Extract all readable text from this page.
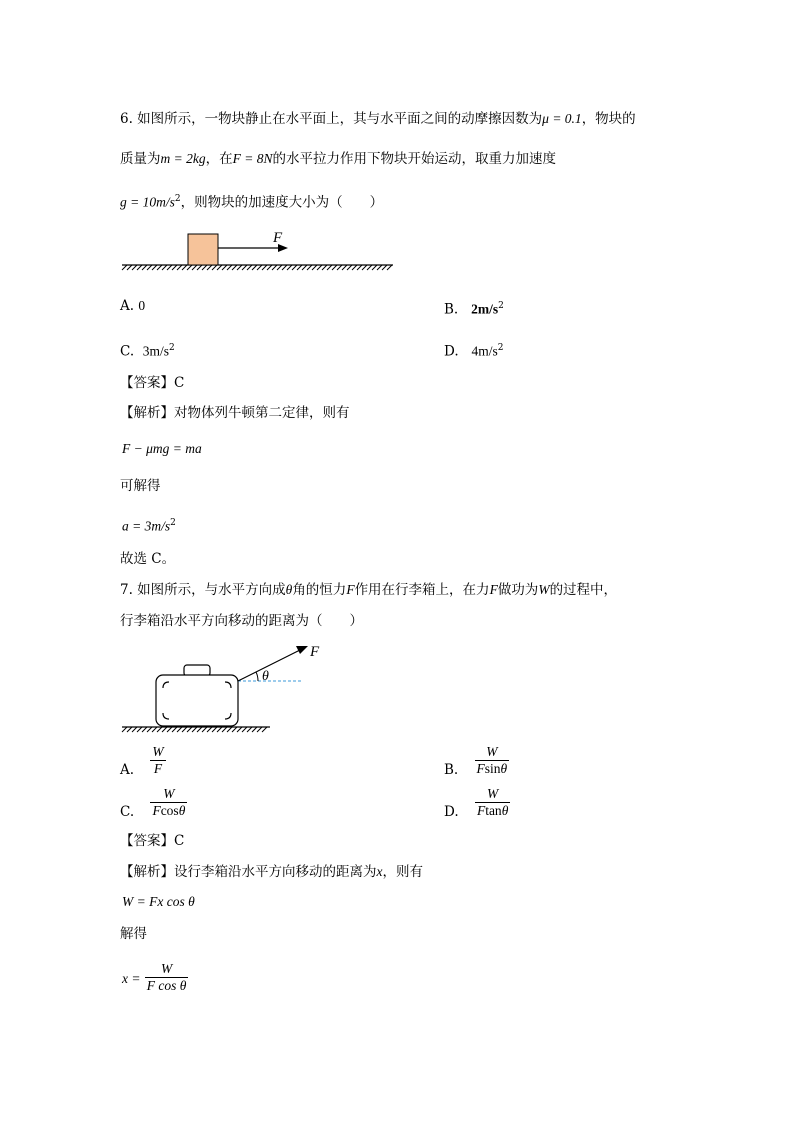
6. 如图所示，一物块静止在水平面上，其与水平面之间的动摩擦因数为μ = 0.1，物块的
质量为m = 2kg，在F = 8N的水平拉力作用下物块开始运动，取重力加速度
$g = 10m/s^2$，则物块的加速度大小为（　　）
F
A. 0	B. $2m/s^2$
C. $3m/s^2$	D. $4m/s^2$
【答案】C
【解析】对物体列牛顿第二定律，则有
F − μmg = ma
可解得
$a = 3m/s^2$
故选 C。
7. 如图所示，与水平方向成θ角的恒力F作用在行李箱上，在力F做功为W的过程中，
行李箱沿水平方向移动的距离为（　　）
θ
F
A. $\frac{W}{F}$	B. $\frac{W}{Fsin\theta}$
C. $\frac{W}{Fcos\theta}$	D. $\frac{W}{Ftan\theta}$
【答案】C
【解析】设行李箱沿水平方向移动的距离为x，则有
W = Fx cos θ
解得
$x = \frac{W}{\text{F cos θ}}$
